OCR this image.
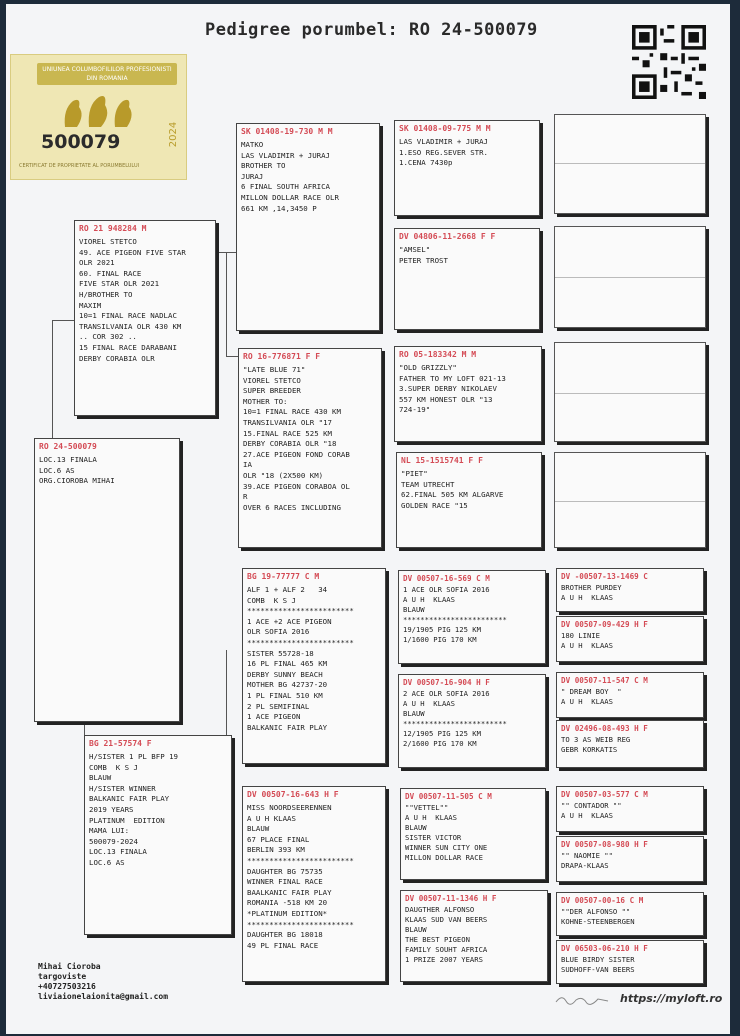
Pedigree porumbel: RO 24-500079
UNIUNEA COLUMBOFILILOR PROFESIONISTI DIN ROMANIA
500079	2024
CERTIFICAT DE PROPRIETATE AL PORUMBELULUI
RO 24-500079
LOC.13 FINALA
LOC.6 AS
ORG.CIOROBA MIHAI
RO 21 948284 M
VIOREL STETCO
49. ACE PIGEON FIVE STAR
OLR 2021
60. FINAL RACE
FIVE STAR OLR 2021
H/BROTHER TO
MAXIM
10=1 FINAL RACE NADLAC
TRANSILVANIA OLR 430 KM
.. COR 302 ..
15 FINAL RACE DARABANI
DERBY CORABIA OLR
BG 21-57574 F
H/SISTER 1 PL BFP 19
COMB  K S J
BLAUW
H/SISTER WINNER
BALKANIC FAIR PLAY
2019 YEARS
PLATINUM  EDITION
MAMA LUI:
500079-2024
LOC.13 FINALA
LOC.6 AS
SK 01408-19-730 M M
MATKO
LAS VLADIMIR + JURAJ
BROTHER TO
JURAJ
6 FINAL SOUTH AFRICA
MILLON DOLLAR RACE OLR
661 KM ,14,3450 P
RO 16-776871 F F
"LATE BLUE 71"
VIOREL STETCO
SUPER BREEDER
MOTHER TO:
10=1 FINAL RACE 430 KM
TRANSILVANIA OLR "17
15.FINAL RACE 525 KM
DERBY CORABIA OLR "18
27.ACE PIGEON FOND CORAB
IA
OLR "18 (2X500 KM)
39.ACE PIGEON CORABOA OL
R
OVER 6 RACES INCLUDING
BG 19-77777 C M
ALF 1 + ALF 2   34
COMB  K S J
************************
1 ACE +2 ACE PIGEON
OLR SOFIA 2016
************************
SISTER 55728-18
16 PL FINAL 465 KM
DERBY SUNNY BEACH
MOTHER BG 42737-20
1 PL FINAL 510 KM
2 PL SEMIFINAL
1 ACE PIGEON
BALKANIC FAIR PLAY
DV 00507-16-643 H F
MISS NOORDSEERENNEN
A U H KLAAS
BLAUW
67 PLACE FINAL
BERLIN 393 KM
************************
DAUGHTER BG 75735
WINNER FINAL RACE
BAALKANIC FAIR PLAY
ROMANIA -518 KM 20
*PLATINUM EDITION*
************************
DAUGHTER BG 18018
49 PL FINAL RACE
SK 01408-09-775 M M
LAS VLADIMIR + JURAJ
1.ESO REG.SEVER STR.
1.CENA 7430p
DV 04806-11-2668 F F
"AMSEL"
PETER TROST
RO 05-183342 M M
"OLD GRIZZLY"
FATHER TO MY LOFT 021-13
3.SUPER DERBY NIKOLAEV
557 KM HONEST OLR "13
724-19"
NL 15-1515741 F F
"PIET"
TEAM UTRECHT
62.FINAL 505 KM ALGARVE
GOLDEN RACE "15
DV 00507-16-569 C M
1 ACE OLR SOFIA 2016
A U H  KLAAS
BLAUW
************************
19/1905 PIG 125 KM
1/1600 PIG 170 KM
DV 00507-16-904 H F
2 ACE OLR SOFIA 2016
A U H  KLAAS
BLAUW
************************
12/1905 PIG 125 KM
2/1600 PIG 170 KM
DV 00507-11-505 C M
""VETTEL""
A U H  KLAAS
BLAUW
SISTER VICTOR
WINNER SUN CITY ONE
MILLON DOLLAR RACE
DV 00507-11-1346 H F
DAUGTHER ALFONSO
KLAAS SUD VAN BEERS
BLAUW
THE BEST PIGEON
FAMILY SOUHT AFRICA
1 PRIZE 2007 YEARS
DV -00507-13-1469 C
BROTHER PURDEY
A U H  KLAAS
DV 00507-09-429 H F
180 LINIE
A U H  KLAAS
DV 00507-11-547 C M
" DREAM BOY  "
A U H  KLAAS
DV 02496-08-493 H F
TO 3 AS WEIB REG
GEBR KORKATIS
DV 00507-03-577 C M
"" CONTADOR ""
A U H  KLAAS
DV 00507-08-980 H F
"" NAOMIE ""
DRAPA-KLAAS
DV 00507-00-16 C M
""DER ALFONSO ""
KOHNE-STEENBERGEN
DV 06503-06-210 H F
BLUE BIRDY SISTER
SUDHOFF-VAN BEERS
Mihai Cioroba
targoviste
+40727503216
liviaionelaionita@gmail.com	https://myloft.ro
